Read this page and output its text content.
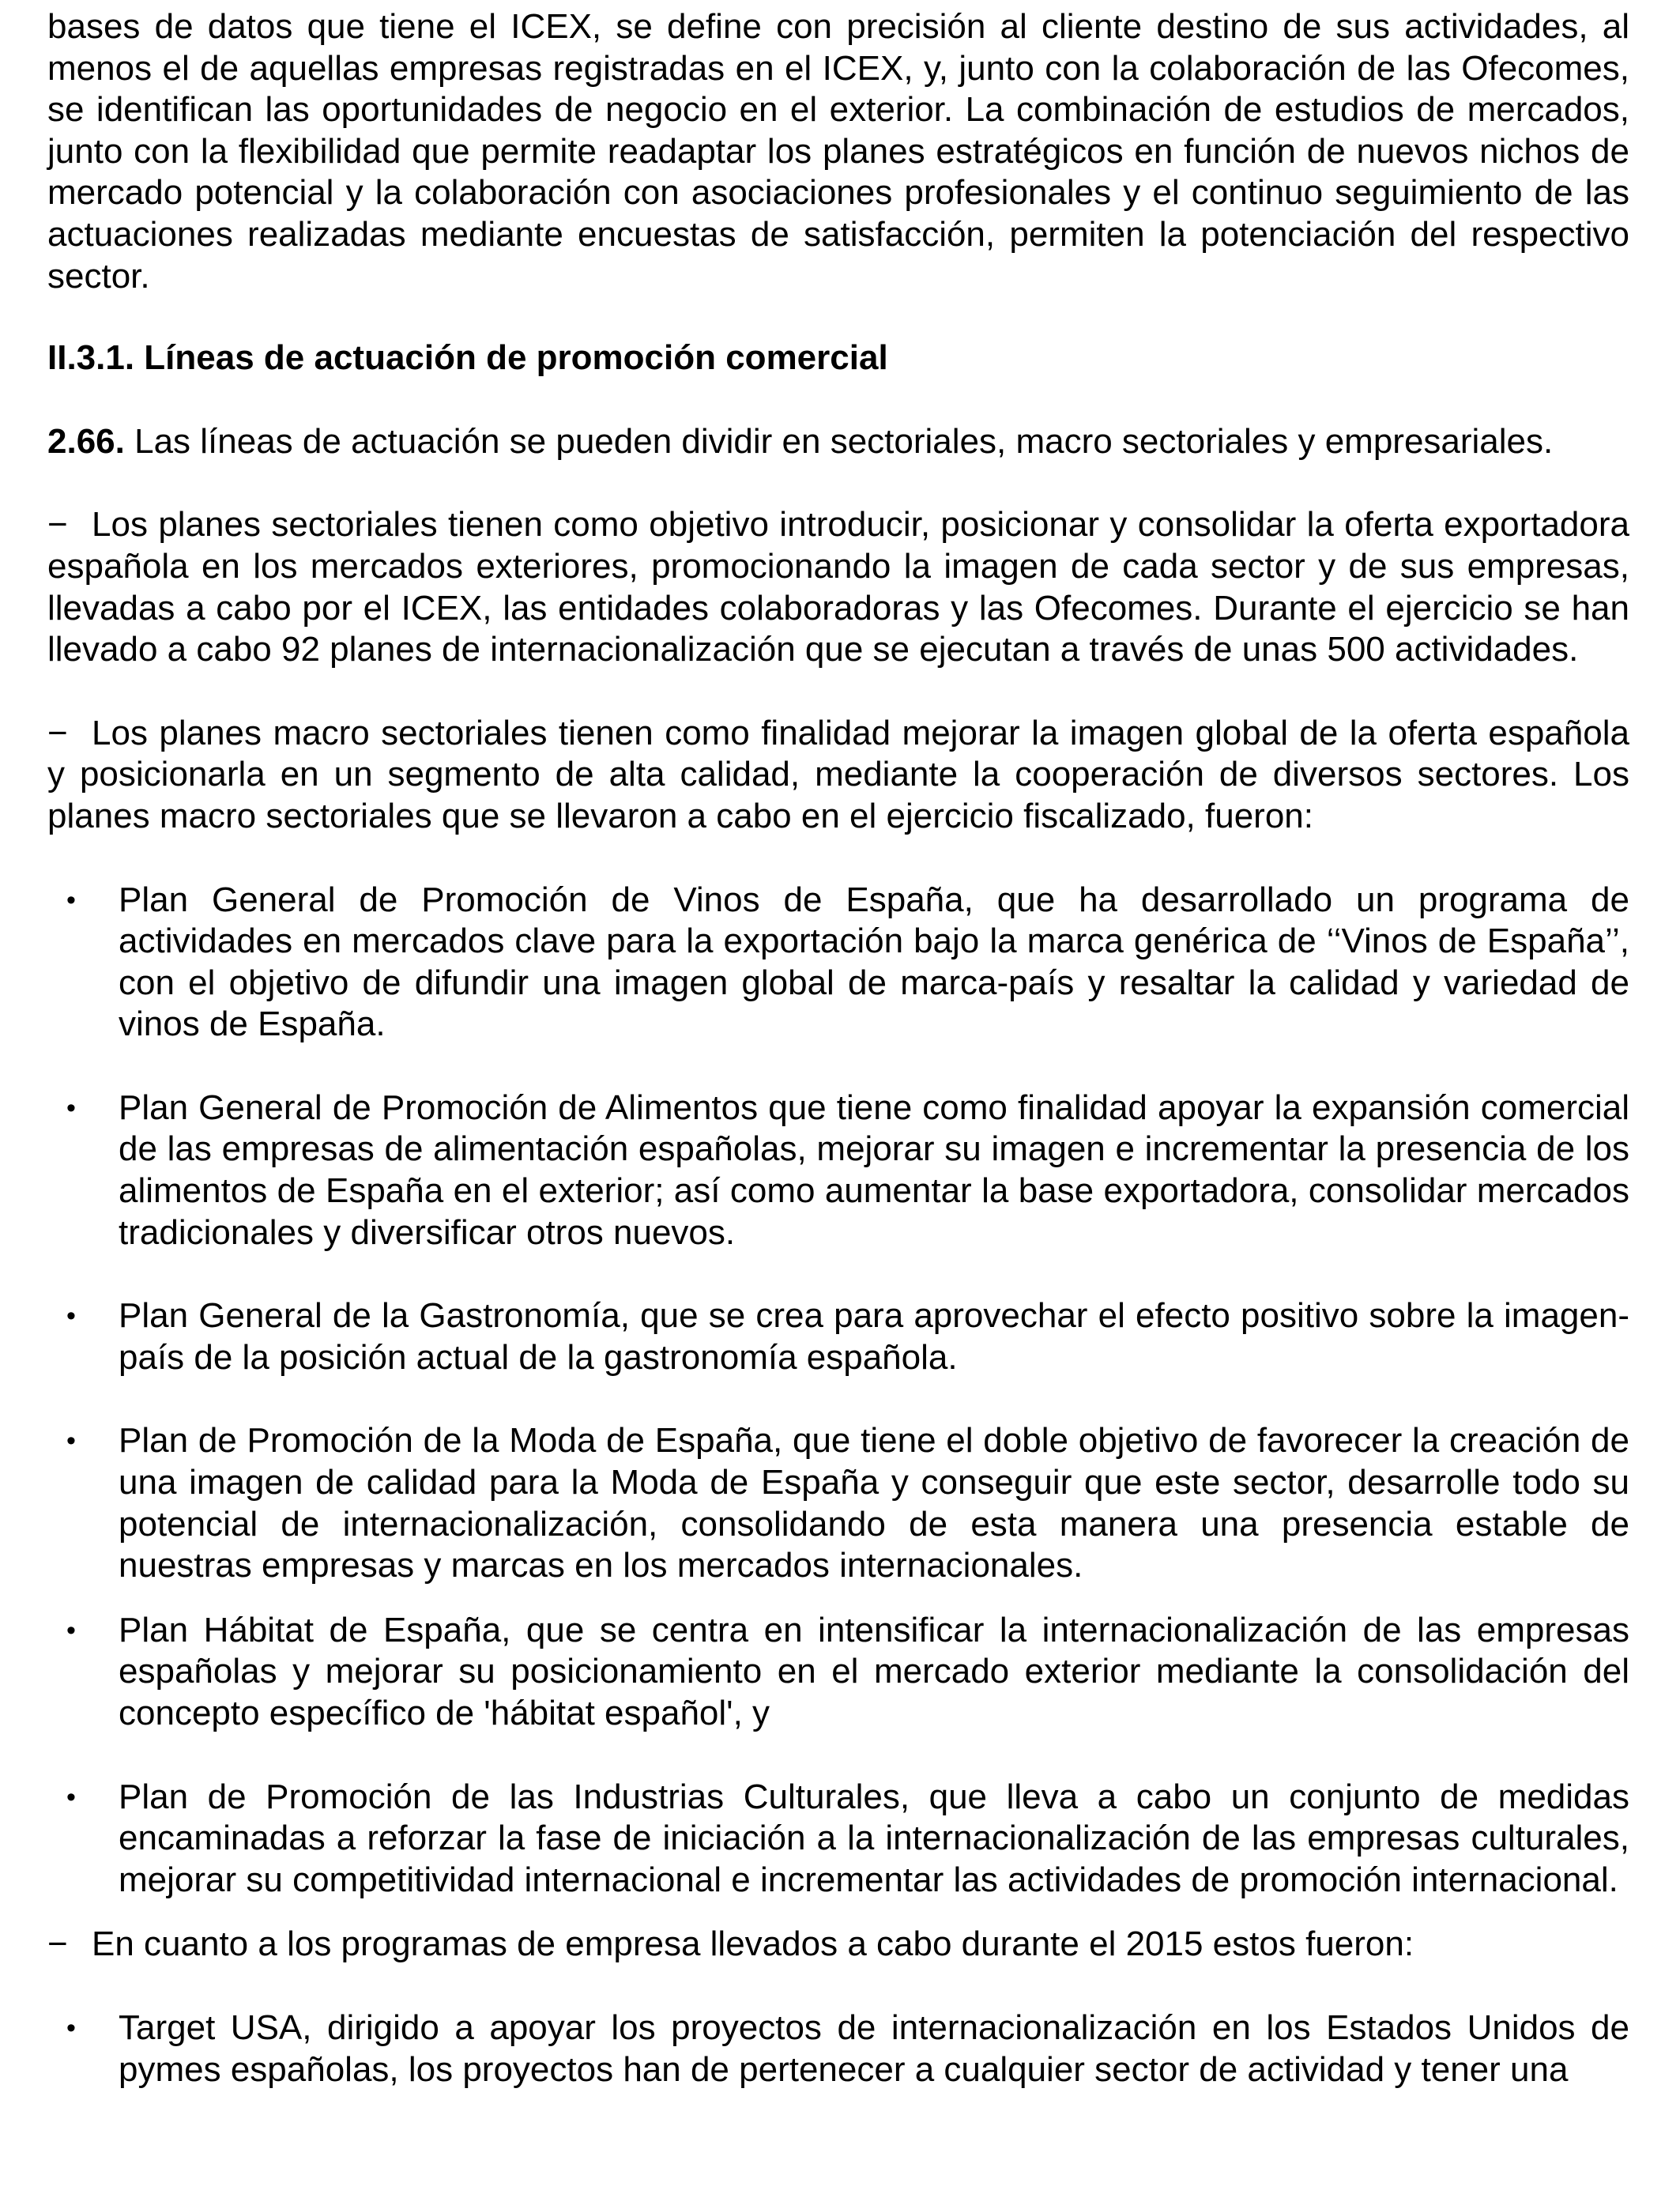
bases de datos que tiene el ICEX, se define con precisión al cliente destino de sus actividades, al menos el de aquellas empresas registradas en el ICEX, y, junto con la colaboración de las Ofecomes, se identifican las oportunidades de negocio en el exterior. La combinación de estudios de mercados, junto con la flexibilidad que permite readaptar los planes estratégicos en función de nuevos nichos de mercado potencial y la colaboración con asociaciones profesionales y el continuo seguimiento de las actuaciones realizadas mediante encuestas de satisfacción, permiten la potenciación del respectivo sector.

II.3.1. Líneas de actuación de promoción comercial

2.66. Las líneas de actuación se pueden dividir en sectoriales, macro sectoriales y empresariales.

− Los planes sectoriales tienen como objetivo introducir, posicionar y consolidar la oferta exportadora española en los mercados exteriores, promocionando la imagen de cada sector y de sus empresas, llevadas a cabo por el ICEX, las entidades colaboradoras y las Ofecomes. Durante el ejercicio se han llevado a cabo 92 planes de internacionalización que se ejecutan a través de unas 500 actividades.

− Los planes macro sectoriales tienen como finalidad mejorar la imagen global de la oferta española y posicionarla en un segmento de alta calidad, mediante la cooperación de diversos sectores. Los planes macro sectoriales que se llevaron a cabo en el ejercicio fiscalizado, fueron:

• Plan General de Promoción de Vinos de España, que ha desarrollado un programa de actividades en mercados clave para la exportación bajo la marca genérica de ‘‘Vinos de España’’, con el objetivo de difundir una imagen global de marca-país y resaltar la calidad y variedad de vinos de España.
• Plan General de Promoción de Alimentos que tiene como finalidad apoyar la expansión comercial de las empresas de alimentación españolas, mejorar su imagen e incrementar la presencia de los alimentos de España en el exterior; así como aumentar la base exportadora, consolidar mercados tradicionales y diversificar otros nuevos.
• Plan General de la Gastronomía, que se crea para aprovechar el efecto positivo sobre la imagen-país de la posición actual de la gastronomía española.
• Plan de Promoción de la Moda de España, que tiene el doble objetivo de favorecer la creación de una imagen de calidad para la Moda de España y conseguir que este sector, desarrolle todo su potencial de internacionalización, consolidando de esta manera una presencia estable de nuestras empresas y marcas en los mercados internacionales.
• Plan Hábitat de España, que se centra en intensificar la internacionalización de las empresas españolas y mejorar su posicionamiento en el mercado exterior mediante la consolidación del concepto específico de 'hábitat español', y
• Plan de Promoción de las Industrias Culturales, que lleva a cabo un conjunto de medidas encaminadas a reforzar la fase de iniciación a la internacionalización de las empresas culturales, mejorar su competitividad internacional e incrementar las actividades de promoción internacional.

− En cuanto a los programas de empresa llevados a cabo durante el 2015 estos fueron:

• Target USA, dirigido a apoyar los proyectos de internacionalización en los Estados Unidos de pymes españolas, los proyectos han de pertenecer a cualquier sector de actividad y tener una
